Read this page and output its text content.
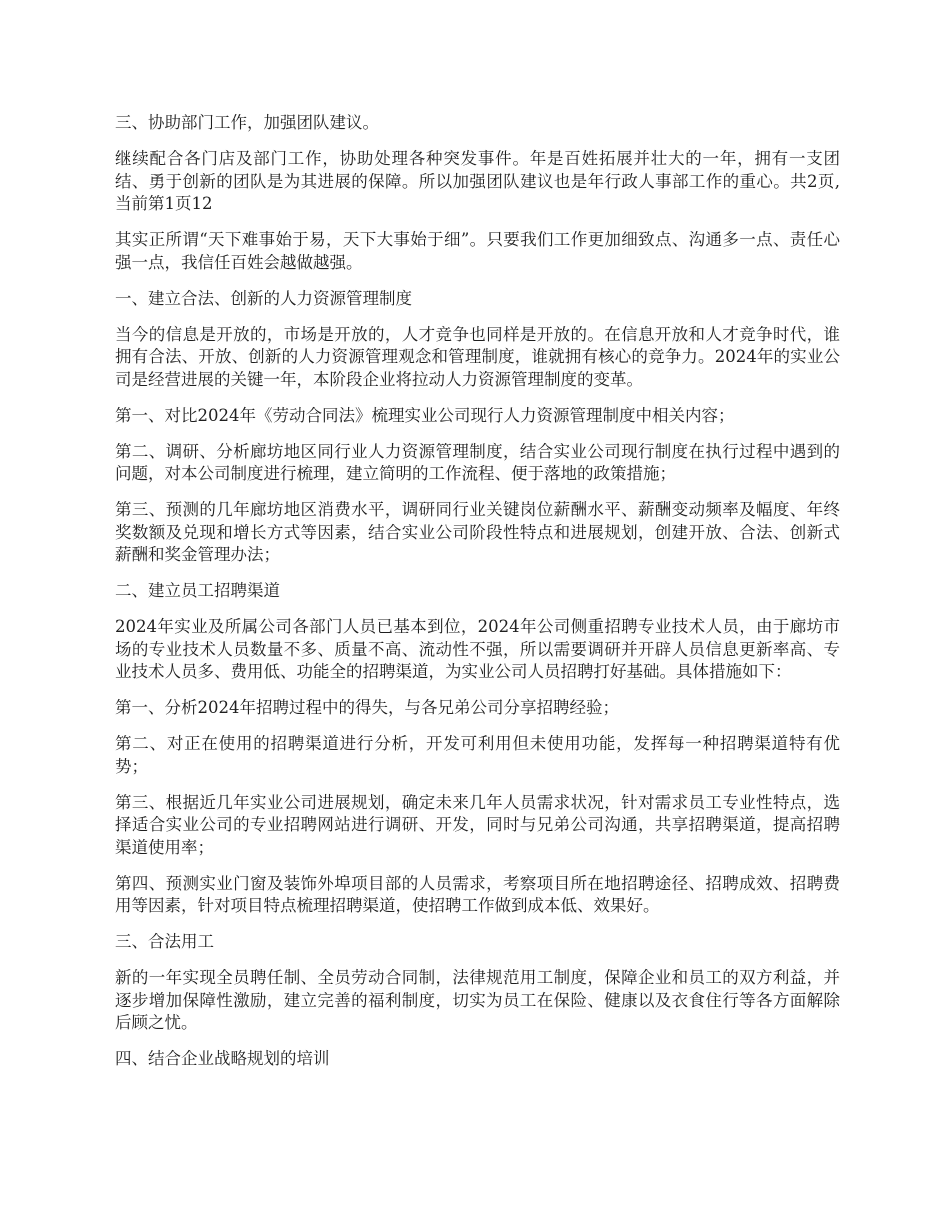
三、协助部门工作，加强团队建议。

继续配合各门店及部门工作，协助处理各种突发事件。年是百姓拓展并壮大的一年，拥有一支团结、勇于创新的团队是为其进展的保障。所以加强团队建议也是年行政人事部工作的重心。共2页,当前第1页12

其实正所谓“天下难事始于易，天下大事始于细”。只要我们工作更加细致点、沟通多一点、责任心强一点，我信任百姓会越做越强。

一、建立合法、创新的人力资源管理制度

当今的信息是开放的，市场是开放的，人才竞争也同样是开放的。在信息开放和人才竞争时代，谁拥有合法、开放、创新的人力资源管理观念和管理制度，谁就拥有核心的竞争力。2024年的实业公司是经营进展的关键一年，本阶段企业将拉动人力资源管理制度的变革。

第一、对比2024年《劳动合同法》梳理实业公司现行人力资源管理制度中相关内容；

第二、调研、分析廊坊地区同行业人力资源管理制度，结合实业公司现行制度在执行过程中遇到的问题，对本公司制度进行梳理，建立简明的工作流程、便于落地的政策措施；

第三、预测的几年廊坊地区消费水平，调研同行业关键岗位薪酬水平、薪酬变动频率及幅度、年终奖数额及兑现和增长方式等因素，结合实业公司阶段性特点和进展规划，创建开放、合法、创新式薪酬和奖金管理办法；

二、建立员工招聘渠道

2024年实业及所属公司各部门人员已基本到位，2024年公司侧重招聘专业技术人员，由于廊坊市场的专业技术人员数量不多、质量不高、流动性不强，所以需要调研并开辟人员信息更新率高、专业技术人员多、费用低、功能全的招聘渠道，为实业公司人员招聘打好基础。具体措施如下：

第一、分析2024年招聘过程中的得失，与各兄弟公司分享招聘经验；

第二、对正在使用的招聘渠道进行分析，开发可利用但未使用功能，发挥每一种招聘渠道特有优势；

第三、根据近几年实业公司进展规划，确定未来几年人员需求状况，针对需求员工专业性特点，选择适合实业公司的专业招聘网站进行调研、开发，同时与兄弟公司沟通，共享招聘渠道，提高招聘渠道使用率；

第四、预测实业门窗及装饰外埠项目部的人员需求，考察项目所在地招聘途径、招聘成效、招聘费用等因素，针对项目特点梳理招聘渠道，使招聘工作做到成本低、效果好。

三、合法用工

新的一年实现全员聘任制、全员劳动合同制，法律规范用工制度，保障企业和员工的双方利益，并逐步增加保障性激励，建立完善的福利制度，切实为员工在保险、健康以及衣食住行等各方面解除后顾之忧。

四、结合企业战略规划的培训
